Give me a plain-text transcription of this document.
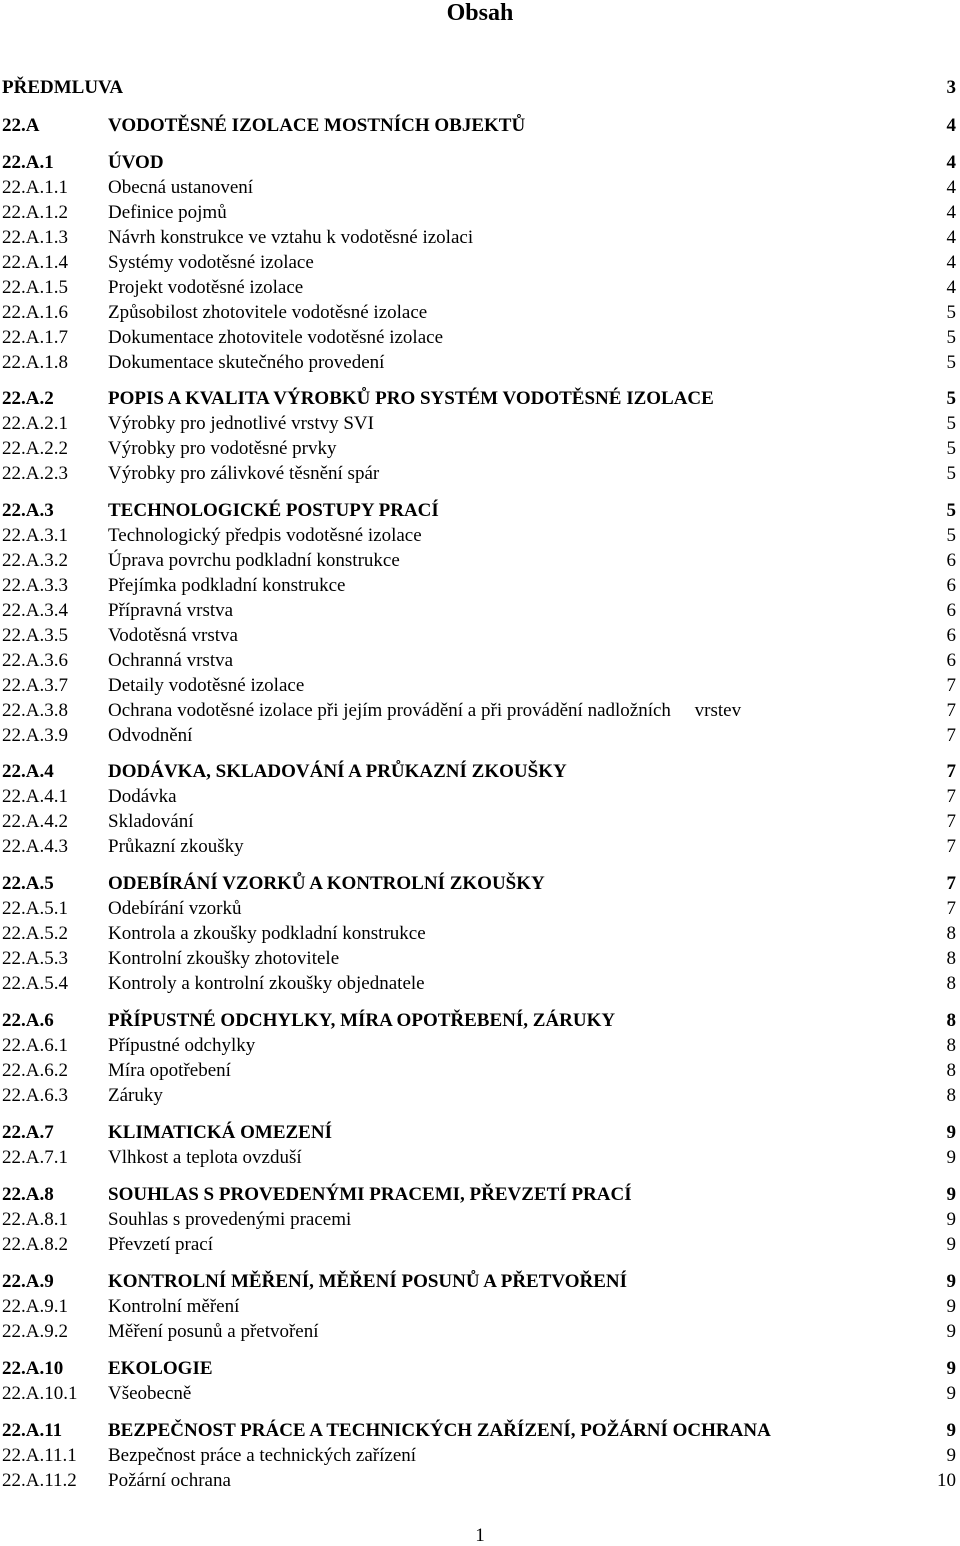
Obsah
PŘEDMLUVA	3
22.A	VODOTĚSNÉ IZOLACE MOSTNÍCH OBJEKTŮ	4
22.A.1	ÚVOD	4
22.A.1.1 Obecná ustanovení	4
22.A.1.2 Definice pojmů	4
22.A.1.3 Návrh konstrukce ve vztahu k vodotěsné izolaci	4
22.A.1.4 Systémy vodotěsné izolace	4
22.A.1.5 Projekt vodotěsné izolace	4
22.A.1.6 Způsobilost zhotovitele vodotěsné izolace	5
22.A.1.7 Dokumentace zhotovitele vodotěsné izolace	5
22.A.1.8 Dokumentace skutečného provedení	5
22.A.2	POPIS A KVALITA VÝROBKŮ PRO SYSTÉM VODOTĚSNÉ IZOLACE	5
22.A.2.1 Výrobky pro jednotlivé vrstvy SVI	5
22.A.2.2 Výrobky pro vodotěsné prvky	5
22.A.2.3 Výrobky pro zálivkové těsnění spár	5
22.A.3	TECHNOLOGICKÉ POSTUPY PRACÍ	5
22.A.3.1 Technologický předpis vodotěsné izolace	5
22.A.3.2 Úprava povrchu podkladní konstrukce	6
22.A.3.3 Přejímka podkladní konstrukce	6
22.A.3.4 Přípravná vrstva	6
22.A.3.5 Vodotěsná vrstva	6
22.A.3.6 Ochranná vrstva	6
22.A.3.7 Detaily vodotěsné izolace	7
22.A.3.8 Ochrana vodotěsné izolace při jejím provádění a při provádění nadložních     vrstev	7
22.A.3.9 Odvodnění	7
22.A.4	DODÁVKA, SKLADOVÁNÍ A PRŮKAZNÍ ZKOUŠKY	7
22.A.4.1 Dodávka	7
22.A.4.2 Skladování	7
22.A.4.3 Průkazní zkoušky	7
22.A.5	ODEBÍRÁNÍ VZORKŮ A KONTROLNÍ ZKOUŠKY	7
22.A.5.1 Odebírání vzorků	7
22.A.5.2 Kontrola a zkoušky podkladní konstrukce	8
22.A.5.3 Kontrolní zkoušky zhotovitele	8
22.A.5.4 Kontroly a kontrolní zkoušky objednatele	8
22.A.6	PŘÍPUSTNÉ ODCHYLKY, MÍRA OPOTŘEBENÍ, ZÁRUKY	8
22.A.6.1 Přípustné odchylky	8
22.A.6.2 Míra opotřebení	8
22.A.6.3 Záruky	8
22.A.7	KLIMATICKÁ OMEZENÍ	9
22.A.7.1 Vlhkost a teplota ovzduší	9
22.A.8	SOUHLAS S PROVEDENÝMI PRACEMI, PŘEVZETÍ PRACÍ	9
22.A.8.1 Souhlas s provedenými pracemi	9
22.A.8.2 Převzetí prací	9
22.A.9	KONTROLNÍ MĚŘENÍ, MĚŘENÍ POSUNŮ A PŘETVOŘENÍ	9
22.A.9.1 Kontrolní měření	9
22.A.9.2 Měření posunů a přetvoření	9
22.A.10 EKOLOGIE	9
22.A.10.1 Všeobecně	9
22.A.11 BEZPEČNOST PRÁCE A TECHNICKÝCH ZAŘÍZENÍ, POŽÁRNÍ OCHRANA	9
22.A.11.1 Bezpečnost práce a technických zařízení	9
22.A.11.2 Požární ochrana	10
1
